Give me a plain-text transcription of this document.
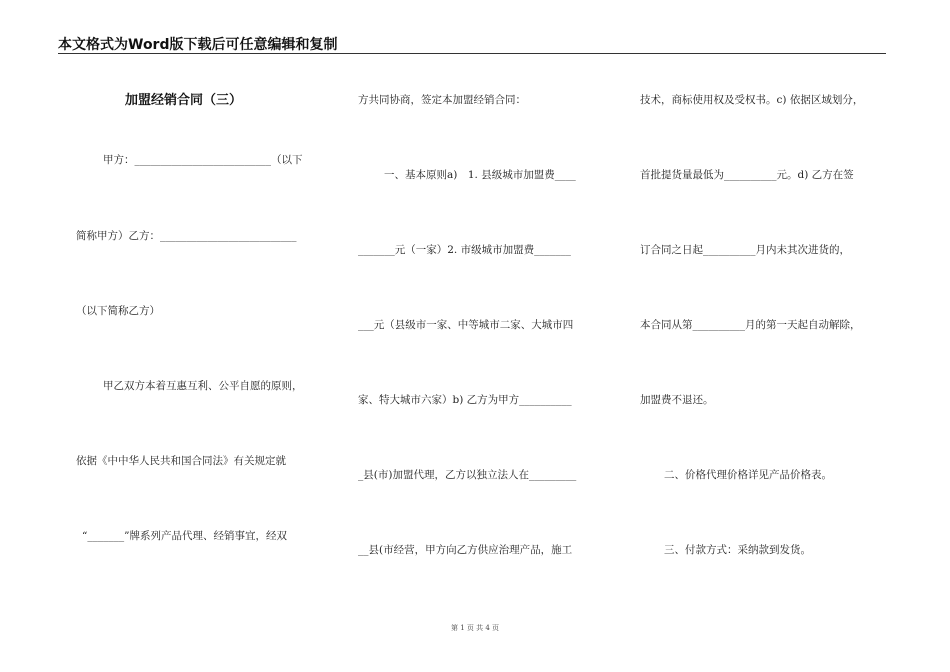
本文格式为Word版下载后可任意编辑和复制
加盟经销合同（三）
甲方：__________________________（以下
简称甲方）乙方：__________________________
（以下简称乙方）
甲乙双方本着互惠互利、公平自愿的原则，
依据《中中华人民共和国合同法》有关规定就
“_______”牌系列产品代理、经销事宜，经双
方共同协商，签定本加盟经销合同：
一、基本原则a)　1. 县级城市加盟费____
_______元（一家）2. 市级城市加盟费_______
___元（县级市一家、中等城市二家、大城市四
家、特大城市六家）b) 乙方为甲方__________
_县(市)加盟代理，乙方以独立法人在_________
__县(市经营，甲方向乙方供应治理产品，施工
技术，商标使用权及受权书。c) 依据区域划分，
首批提货量最低为__________元。d) 乙方在签
订合同之日起__________月内未其次进货的，
本合同从第__________月的第一天起自动解除，
加盟费不退还。
二、价格代理价格详见产品价格表。
三、付款方式：采纳款到发货。
第 1 页 共 4 页
